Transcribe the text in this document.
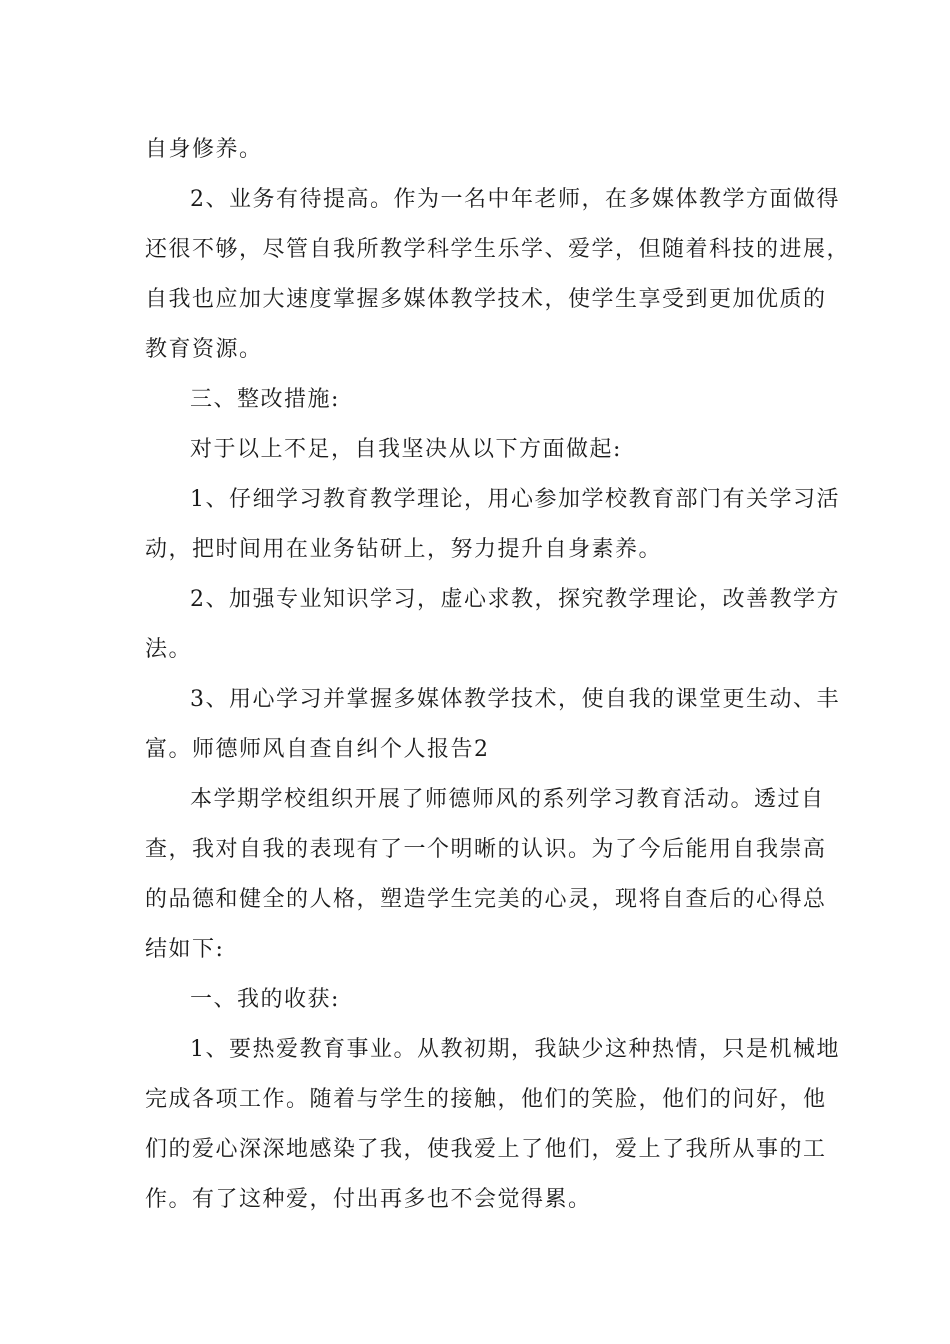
自身修养。

2、业务有待提高。作为一名中年老师，在多媒体教学方面做得

还很不够，尽管自我所教学科学生乐学、爱学，但随着科技的进展，

自我也应加大速度掌握多媒体教学技术，使学生享受到更加优质的

教育资源。

三、整改措施:

对于以上不足，自我坚决从以下方面做起:

1、仔细学习教育教学理论，用心参加学校教育部门有关学习活

动，把时间用在业务钻研上，努力提升自身素养。

2、加强专业知识学习，虚心求教，探究教学理论，改善教学方

法。

3、用心学习并掌握多媒体教学技术，使自我的课堂更生动、丰

富。师德师风自查自纠个人报告2

本学期学校组织开展了师德师风的系列学习教育活动。透过自

查，我对自我的表现有了一个明晰的认识。为了今后能用自我崇高

的品德和健全的人格，塑造学生完美的心灵，现将自查后的心得总

结如下:

一、我的收获:

1、要热爱教育事业。从教初期，我缺少这种热情，只是机械地

完成各项工作。随着与学生的接触，他们的笑脸，他们的问好，他

们的爱心深深地感染了我，使我爱上了他们，爱上了我所从事的工

作。有了这种爱，付出再多也不会觉得累。
